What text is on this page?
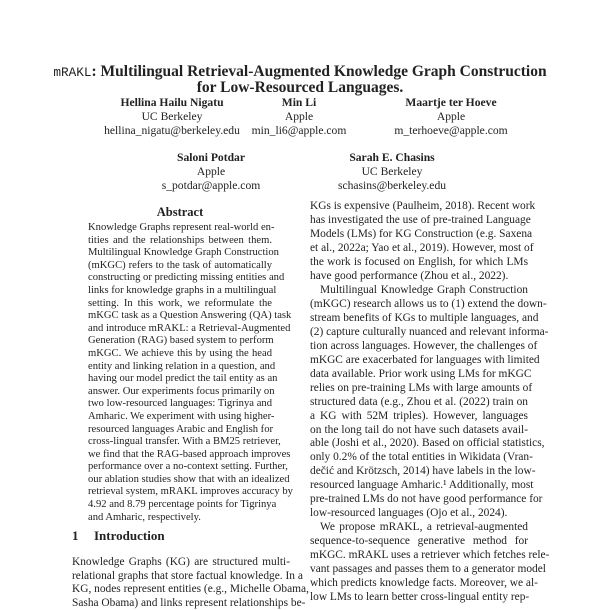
mRAKL: Multilingual Retrieval-Augmented Knowledge Graph Construction
for Low-Resourced Languages.
Hellina Hailu Nigatu
UC Berkeley
hellina_nigatu@berkeley.edu
Min Li
Apple
min_li6@apple.com
Maartje ter Hoeve
Apple
m_terhoeve@apple.com
Saloni Potdar
Apple
s_potdar@apple.com
Sarah E. Chasins
UC Berkeley
schasins@berkeley.edu
Abstract
Knowledge Graphs represent real-world en-
tities and the relationships between them.
Multilingual Knowledge Graph Construction
(mKGC) refers to the task of automatically
constructing or predicting missing entities and
links for knowledge graphs in a multilingual
setting. In this work, we reformulate the
mKGC task as a Question Answering (QA) task
and introduce mRAKL: a Retrieval-Augmented
Generation (RAG) based system to perform
mKGC. We achieve this by using the head
entity and linking relation in a question, and
having our model predict the tail entity as an
answer. Our experiments focus primarily on
two low-resourced languages: Tigrinya and
Amharic. We experiment with using higher-
resourced languages Arabic and English for
cross-lingual transfer. With a BM25 retriever,
we find that the RAG-based approach improves
performance over a no-context setting. Further,
our ablation studies show that with an idealized
retrieval system, mRAKL improves accuracy by
4.92 and 8.79 percentage points for Tigrinya
and Amharic, respectively.
1 Introduction
Knowledge Graphs (KG) are structured multi-
relational graphs that store factual knowledge. In a
KG, nodes represent entities (e.g., Michelle Obama,
Sasha Obama) and links represent relationships be-
KGs is expensive (Paulheim, 2018). Recent work
has investigated the use of pre-trained Language
Models (LMs) for KG Construction (e.g. Saxena
et al., 2022a; Yao et al., 2019). However, most of
the work is focused on English, for which LMs
have good performance (Zhou et al., 2022).
Multilingual Knowledge Graph Construction
(mKGC) research allows us to (1) extend the down-
stream benefits of KGs to multiple languages, and
(2) capture culturally nuanced and relevant informa-
tion across languages. However, the challenges of
mKGC are exacerbated for languages with limited
data available. Prior work using LMs for mKGC
relies on pre-training LMs with large amounts of
structured data (e.g., Zhou et al. (2022) train on
a KG with 52M triples). However, languages
on the long tail do not have such datasets avail-
able (Joshi et al., 2020). Based on official statistics,
only 0.2% of the total entities in Wikidata (Vran-
dečić and Krötzsch, 2014) have labels in the low-
resourced language Amharic.¹ Additionally, most
pre-trained LMs do not have good performance for
low-resourced languages (Ojo et al., 2024).
We propose mRAKL, a retrieval-augmented
sequence-to-sequence generative method for
mKGC. mRAKL uses a retriever which fetches rele-
vant passages and passes them to a generator model
which predicts knowledge facts. Moreover, we al-
low LMs to learn better cross-lingual entity rep-
